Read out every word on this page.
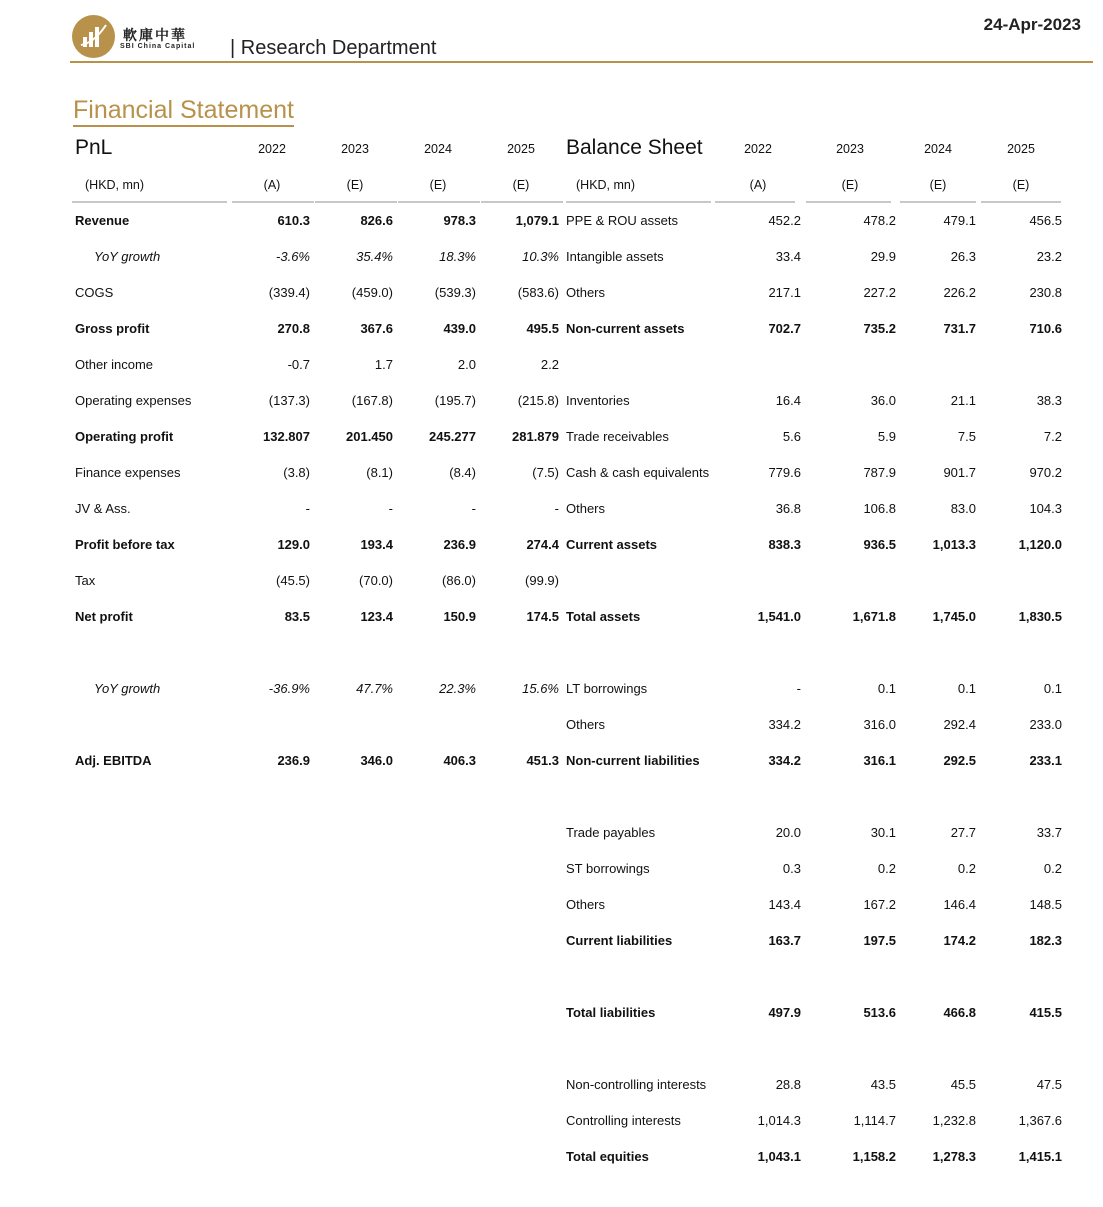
軟庫中華
SBI China Capital | Research Department
24-Apr-2023
Financial Statement
PnL	2022	2023	2024	2025
(HKD, mn)	(A)	(E)	(E)	(E)
Revenue	610.3	826.6	978.3	1,079.1
YoY growth	-3.6%	35.4%	18.3%	10.3%
COGS	(339.4)	(459.0)	(539.3)	(583.6)
Gross profit	270.8	367.6	439.0	495.5
Other income	-0.7	1.7	2.0	2.2
Operating expenses	(137.3)	(167.8)	(195.7)	(215.8)
Operating profit	132.807	201.450	245.277	281.879
Finance expenses	(3.8)	(8.1)	(8.4)	(7.5)
JV & Ass.	-	-	-	-
Profit before tax	129.0	193.4	236.9	274.4
Tax	(45.5)	(70.0)	(86.0)	(99.9)
Net profit	83.5	123.4	150.9	174.5
YoY growth	-36.9%	47.7%	22.3%	15.6%
Adj. EBITDA	236.9	346.0	406.3	451.3
Balance Sheet	2022	2023	2024	2025
(HKD, mn)	(A)	(E)	(E)	(E)
PPE & ROU assets	452.2	478.2	479.1	456.5
Intangible assets	33.4	29.9	26.3	23.2
Others	217.1	227.2	226.2	230.8
Non-current assets	702.7	735.2	731.7	710.6
Inventories	16.4	36.0	21.1	38.3
Trade receivables	5.6	5.9	7.5	7.2
Cash & cash equivalents	779.6	787.9	901.7	970.2
Others	36.8	106.8	83.0	104.3
Current assets	838.3	936.5	1,013.3	1,120.0
Total assets	1,541.0	1,671.8	1,745.0	1,830.5
LT borrowings	-	0.1	0.1	0.1
Others	334.2	316.0	292.4	233.0
Non-current liabilities	334.2	316.1	292.5	233.1
Trade payables	20.0	30.1	27.7	33.7
ST borrowings	0.3	0.2	0.2	0.2
Others	143.4	167.2	146.4	148.5
Current liabilities	163.7	197.5	174.2	182.3
Total liabilities	497.9	513.6	466.8	415.5
Non-controlling interests	28.8	43.5	45.5	47.5
Controlling interests	1,014.3	1,114.7	1,232.8	1,367.6
Total equities	1,043.1	1,158.2	1,278.3	1,415.1
